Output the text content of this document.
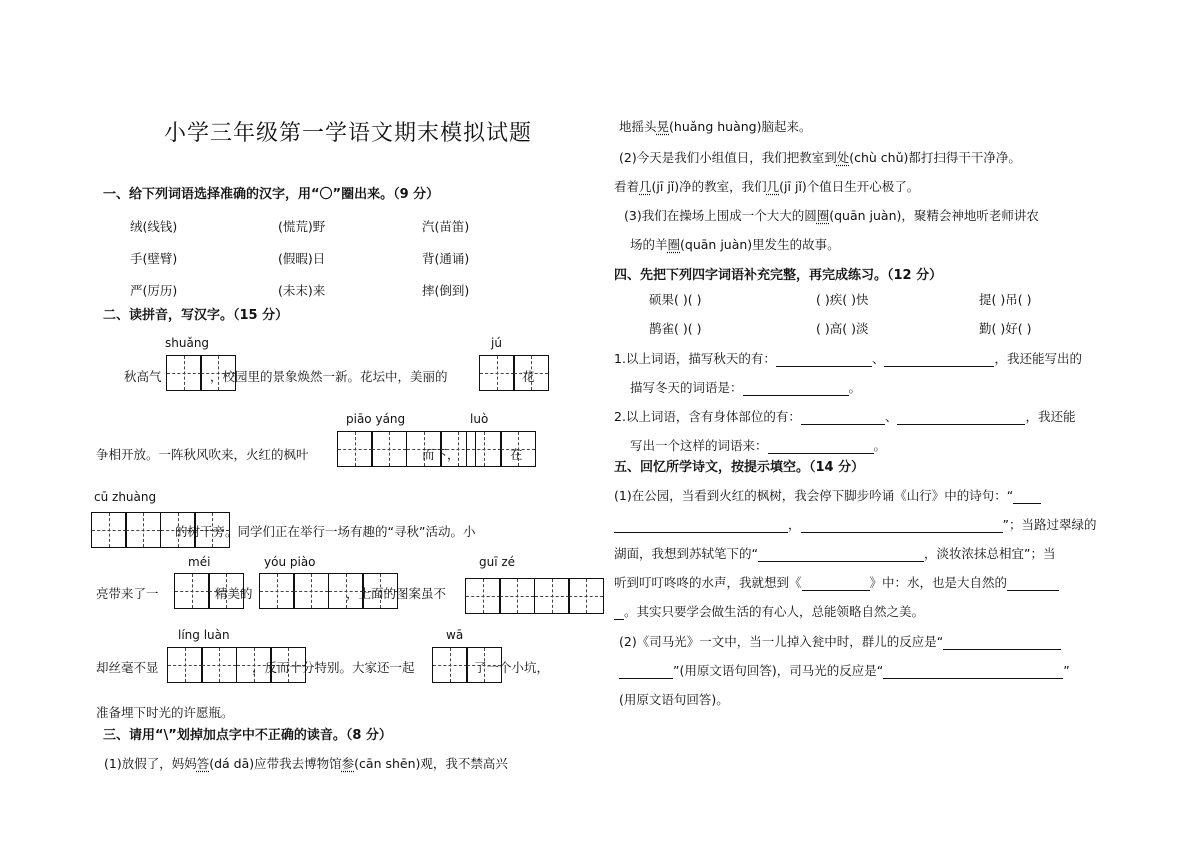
小学三年级第一学语文期末模拟试题
一、给下列词语选择准确的汉字，用“〇”圈出来。（9 分）
绒(线钱)	(慌荒)野	汽(苗笛)
手(壁臂)	(假暇)日	背(通诵)
严(厉历)	(未末)来	摔(倒到)
二、读拼音，写汉字。（15 分）
shuǎng	jú
秋高气	，校园里的景象焕然一新。花坛中，美丽的	花
piāo yáng	luò
争相开放。一阵秋风吹来，火红的枫叶	而下，	在
cū zhuàng
的树干旁。同学们正在举行一场有趣的“寻秋”活动。小
méi	yóu piào	guī zé
亮带来了一	精美的	，上面的图案虽不
líng luàn	wā
却丝毫不显	，反而十分特别。大家还一起	了一个小坑，
准备埋下时光的许愿瓶。
三、请用“\”划掉加点字中不正确的读音。（8 分）
(1)放假了，妈妈答(dá dā)应带我去博物馆参(cān shēn)观，我不禁高兴
地摇头晃(huǎng huàng)脑起来。
(2)今天是我们小组值日，我们把教室到处(chù chǔ)都打扫得干干净净。
看着几(jī jǐ)净的教室，我们几(jī jǐ)个值日生开心极了。
(3)我们在操场上围成一个大大的圆圈(quān juàn)，聚精会神地听老师讲农
场的羊圈(quān juàn)里发生的故事。
四、先把下列四字词语补充完整，再完成练习。（12 分）
硕果( )( )	( )疾( )快	提( )吊( )
鹊雀( )( )	( )高( )淡	勤( )好( )
1.以上词语，描写秋天的有：	、	，我还能写出的
描写冬天的词语是：	。
2.以上词语，含有身体部位的有：	、	，我还能
写出一个这样的词语来：	。
五、回忆所学诗文，按提示填空。（14 分）
(1)在公园，当看到火红的枫树，我会停下脚步吟诵《山行》中的诗句：“
，	”；当路过翠绿的
湖面，我想到苏轼笔下的“	，淡妆浓抹总相宜”；当
听到叮叮咚咚的水声，我就想到《	》中：水，也是大自然的
。其实只要学会做生活的有心人，总能领略自然之美。
(2)《司马光》一文中，当一儿掉入瓮中时，群儿的反应是“
”(用原文语句回答)，司马光的反应是“	”
(用原文语句回答)。
